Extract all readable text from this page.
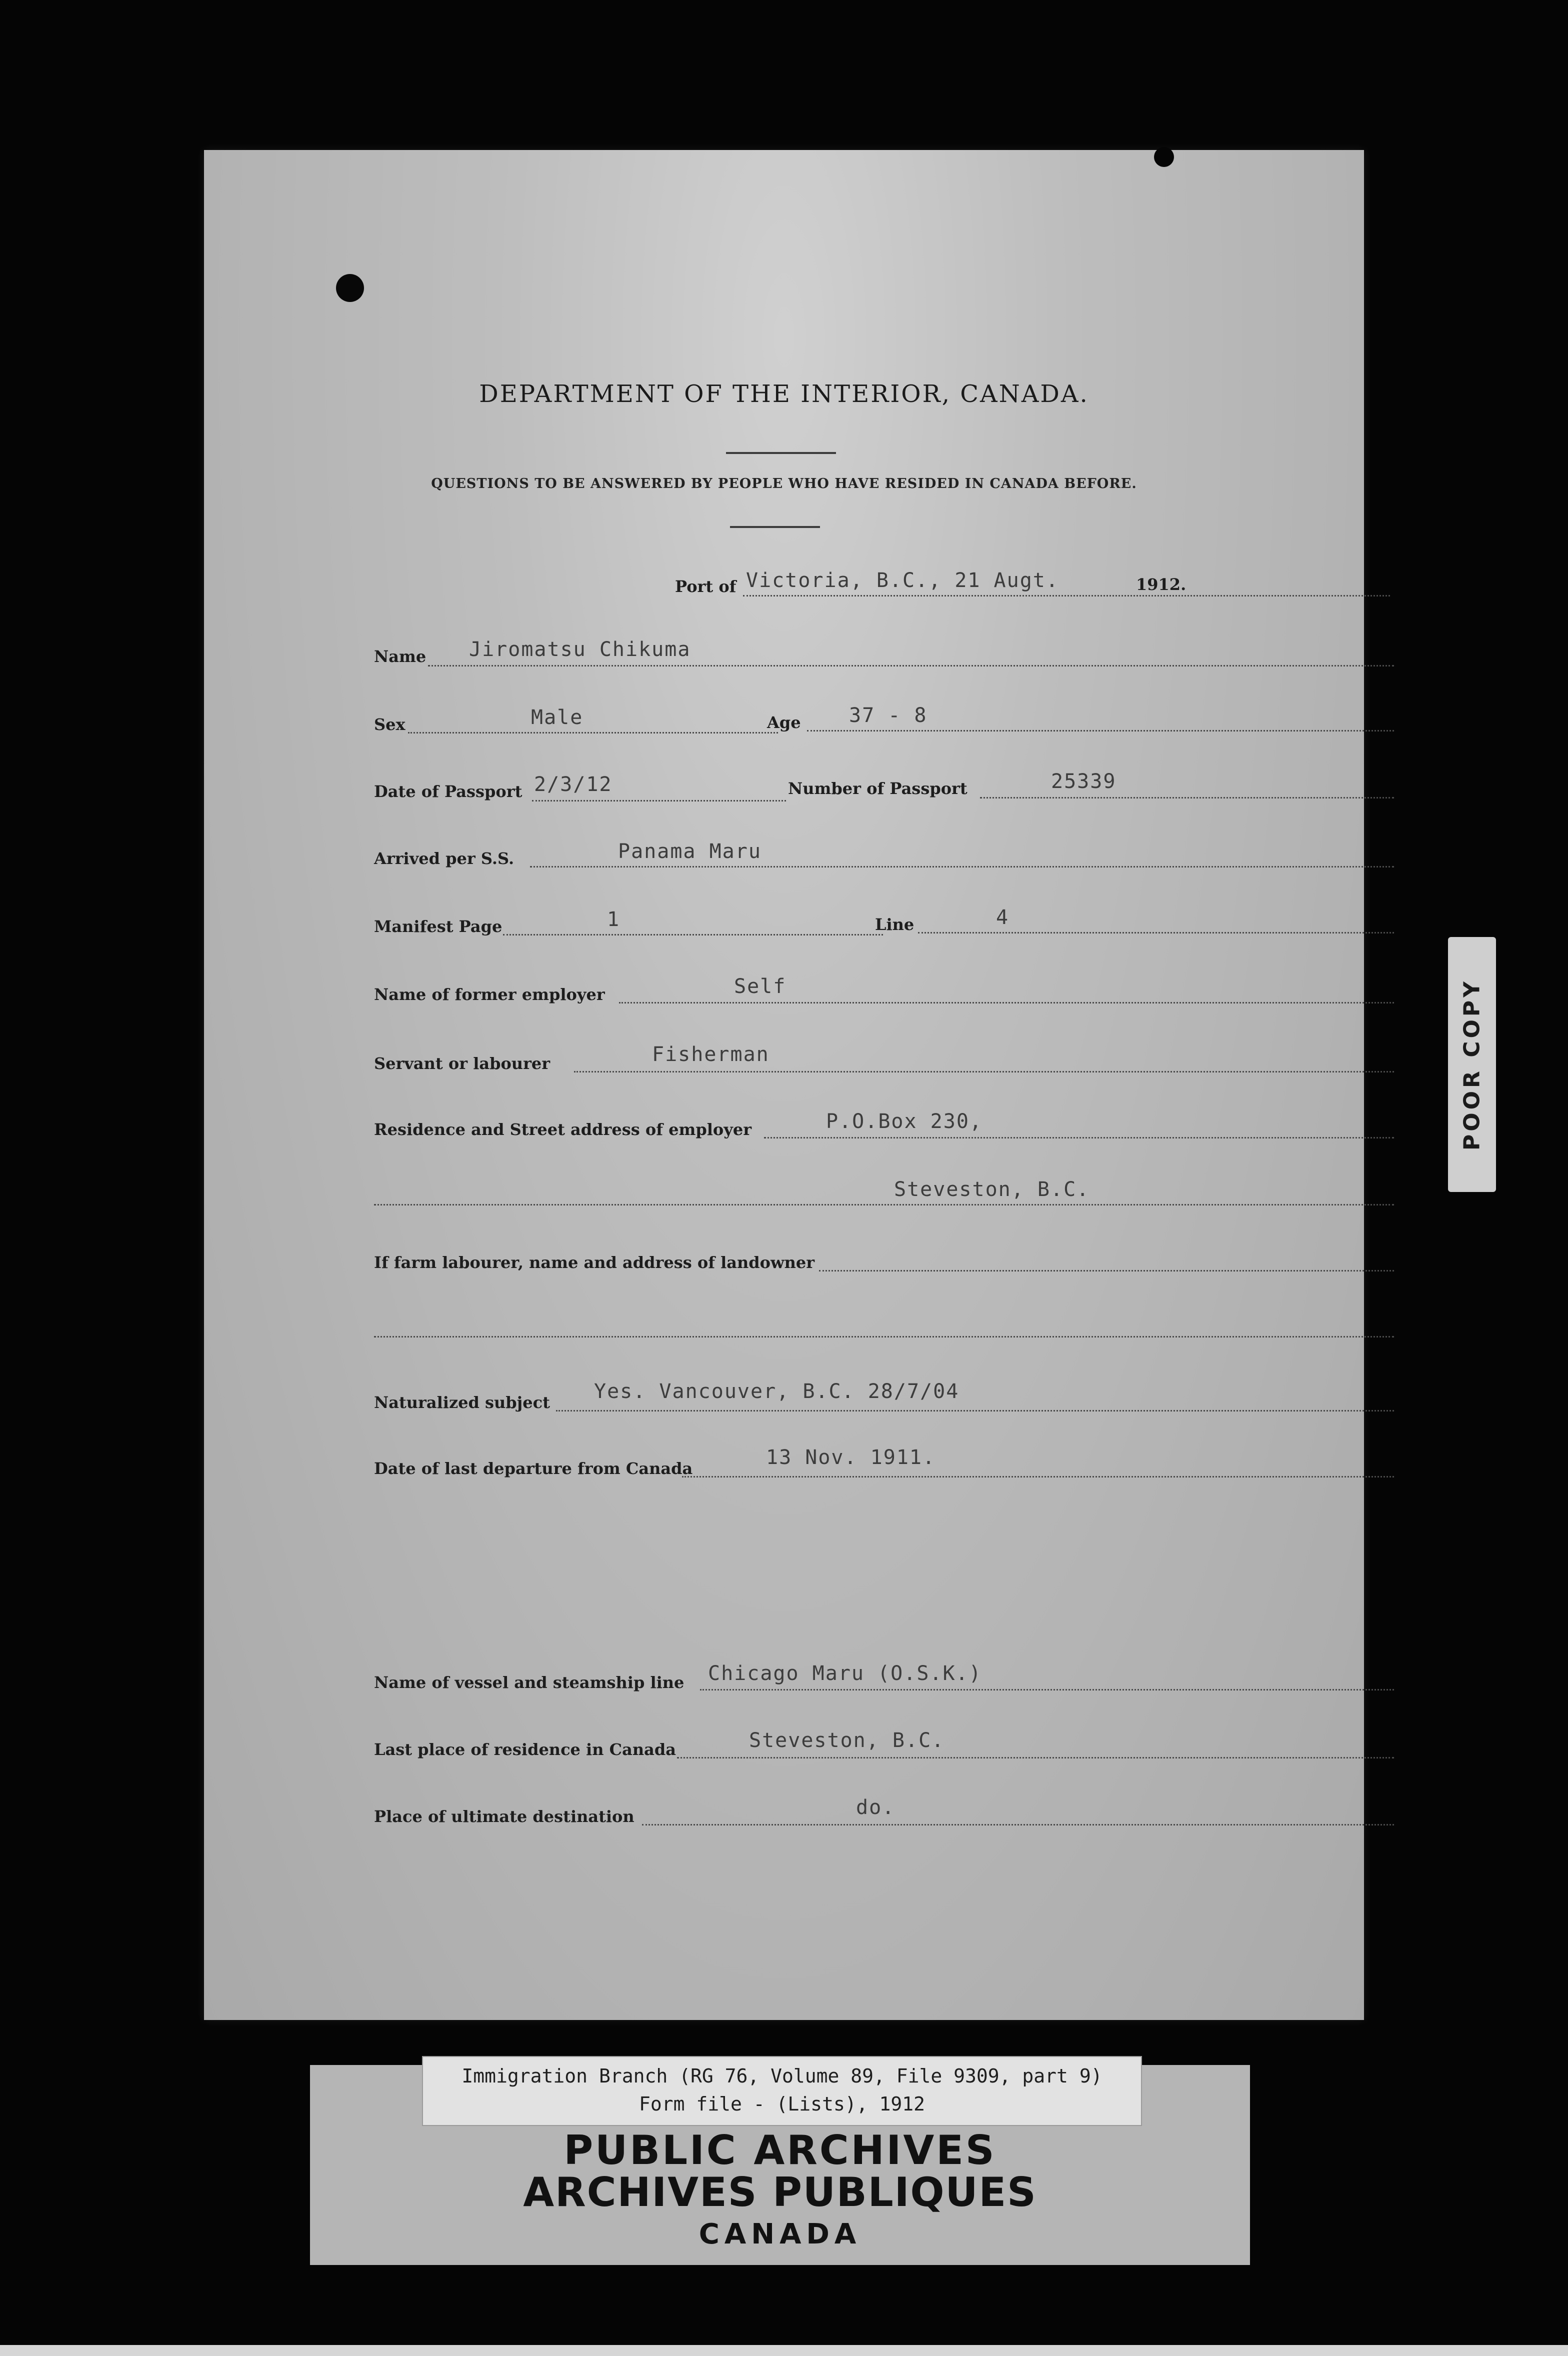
DEPARTMENT OF THE INTERIOR, CANADA.
QUESTIONS TO BE ANSWERED BY PEOPLE WHO HAVE RESIDED IN CANADA BEFORE.
Port of Victoria, B.C., 21 Augt.	1912.
Name Jiromatsu Chikuma
Sex	Male	Age 37 - 8
Date of Passport 2/3/12	Number of Passport	25339
Arrived per S.S.	Panama Maru
Manifest Page	1	Line	4
Name of former employer	Self
Servant or labourer	Fisherman
Residence and Street address of employer	P.O.Box 230,
Steveston, B.C.
If farm labourer, name and address of landowner
Naturalized subject Yes. Vancouver, B.C. 28/7/04
Date of last departure from Canada	13 Nov. 1911.
Name of vessel and steamship line Chicago Maru (O.S.K.)
Last place of residence in Canada	Steveston, B.C.
Place of ultimate destination	do.
POOR COPY
PUBLIC ARCHIVES
ARCHIVES PUBLIQUES
CANADA
Immigration Branch (RG 76, Volume 89, File 9309, part 9)
Form file - (Lists), 1912
